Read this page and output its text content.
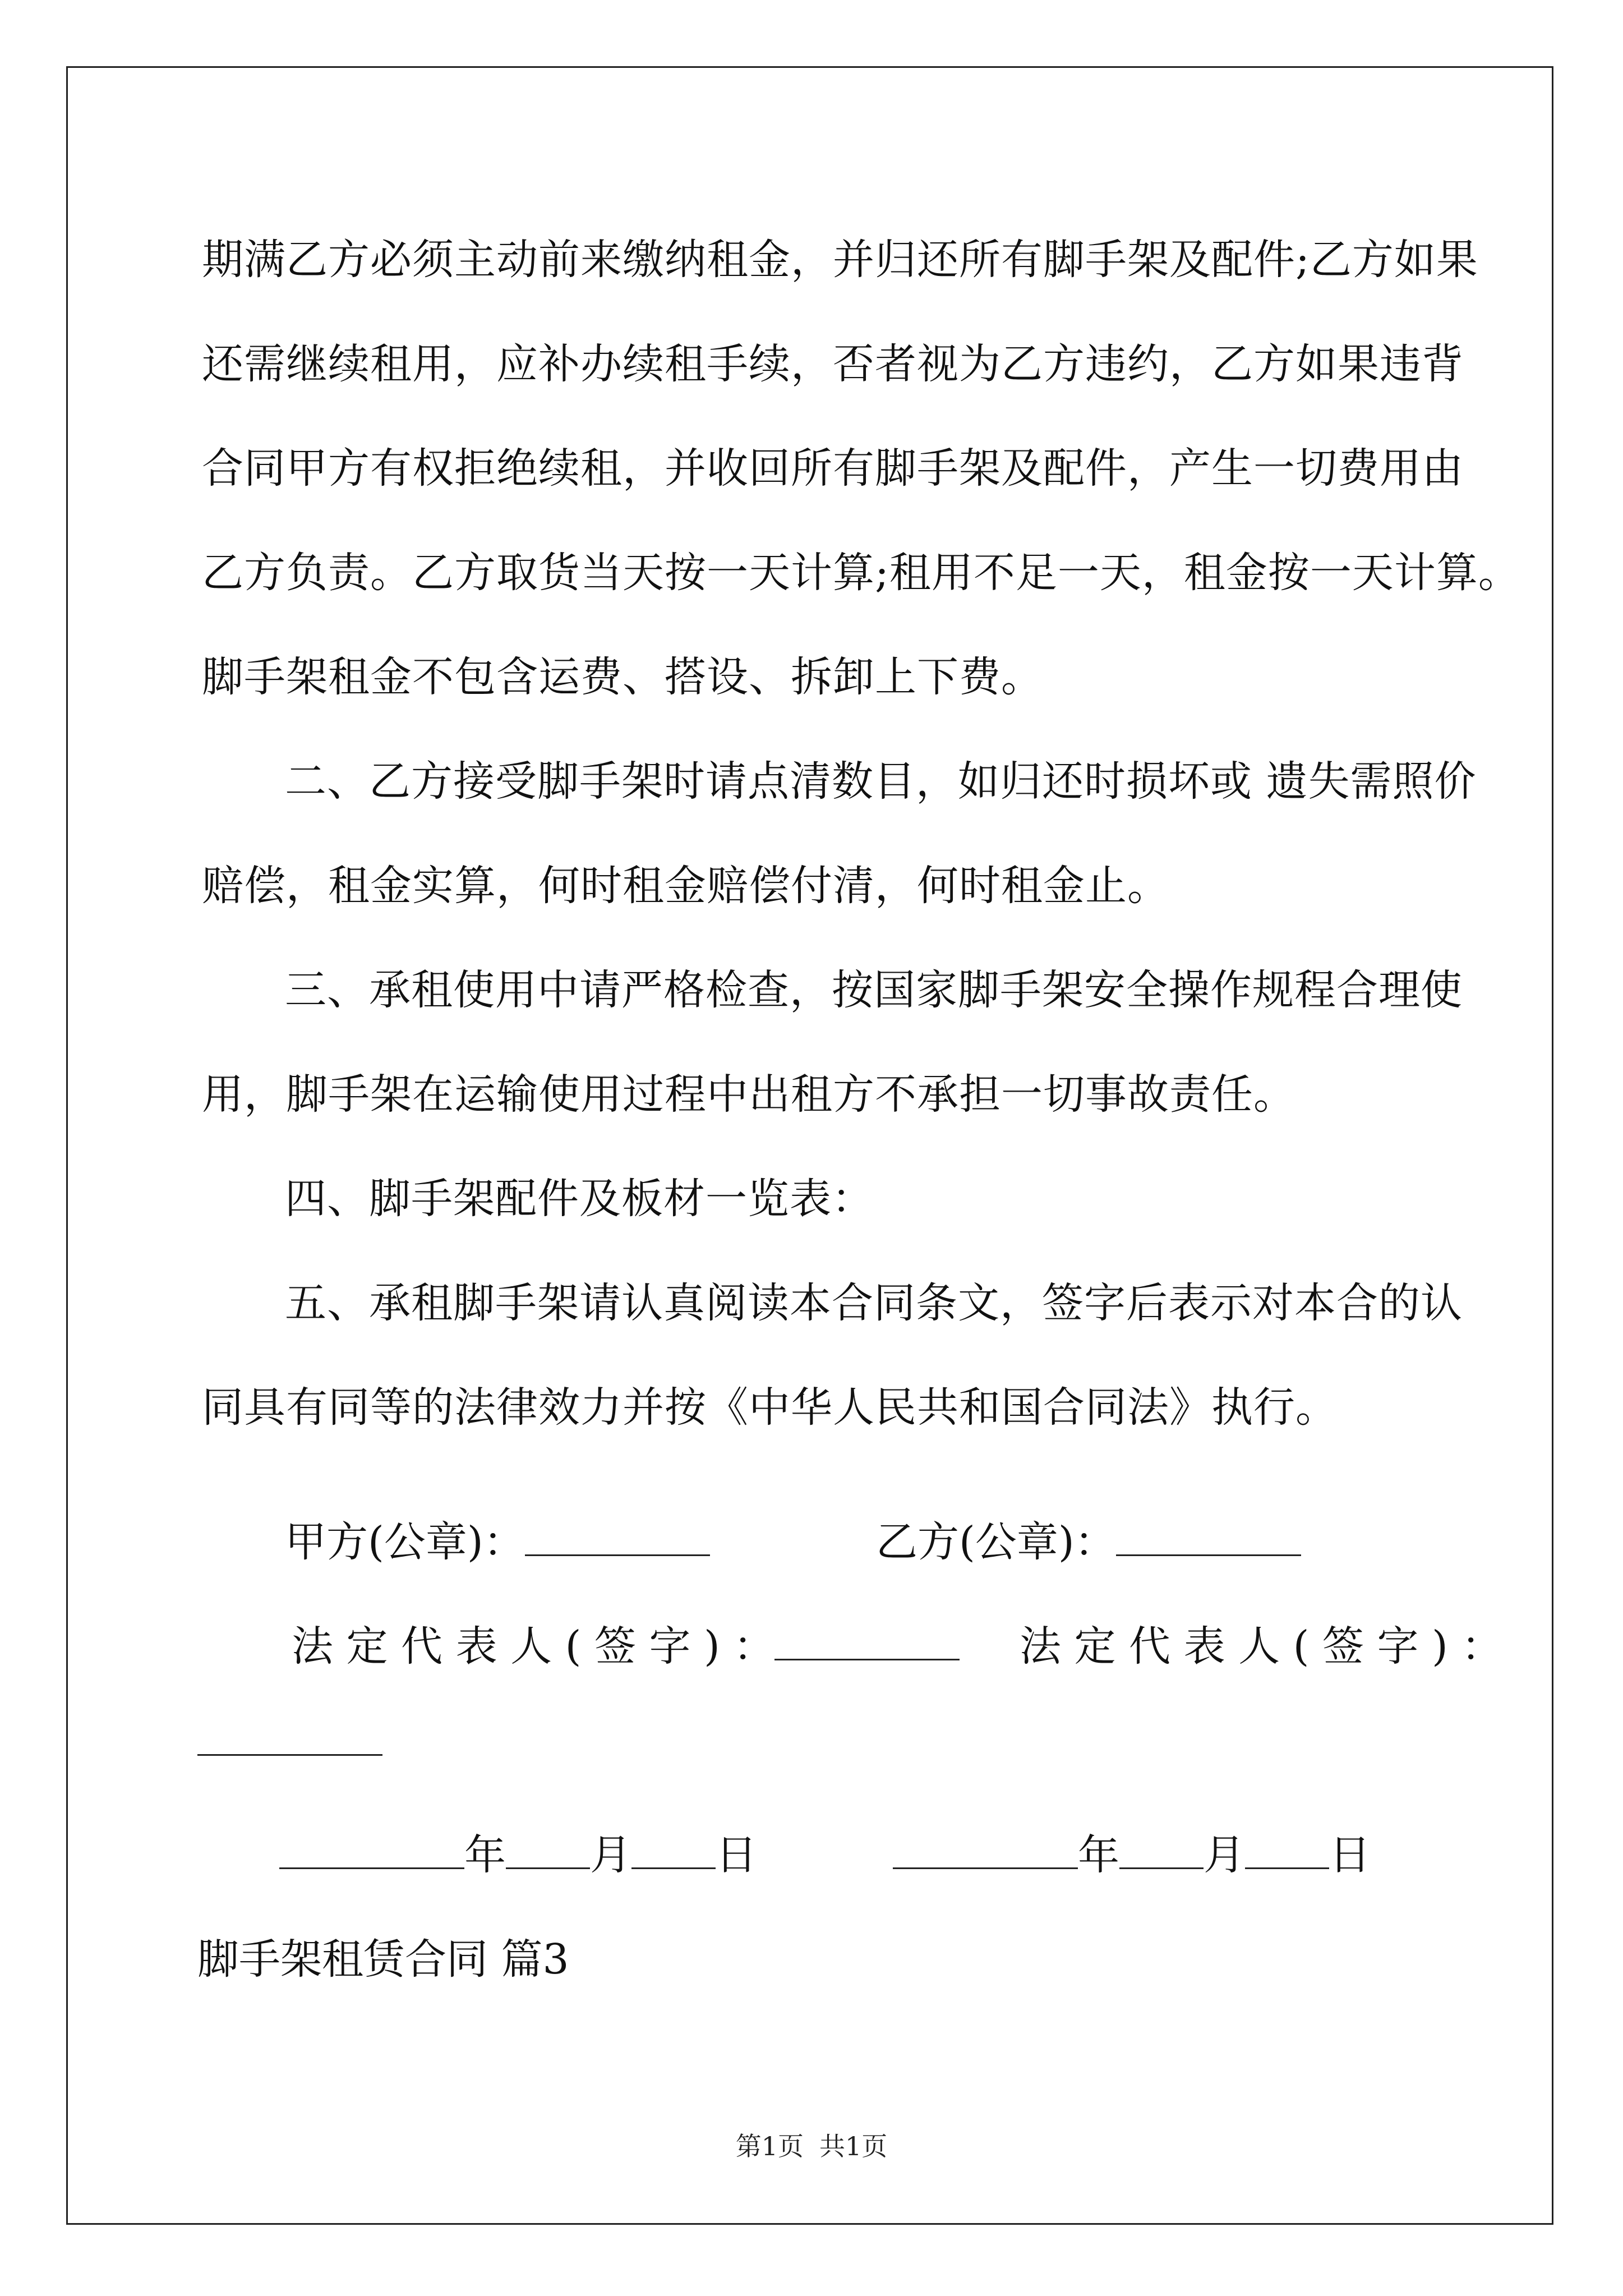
期满乙方必须主动前来缴纳租金，并归还所有脚手架及配件;乙方如果
还需继续租用，应补办续租手续，否者视为乙方违约，乙方如果违背
合同甲方有权拒绝续租，并收回所有脚手架及配件，产生一切费用由
乙方负责。乙方取货当天按一天计算;租用不足一天，租金按一天计算。
脚手架租金不包含运费、搭设、拆卸上下费。

二、乙方接受脚手架时请点清数目，如归还时损坏或 遗失需照价
赔偿，租金实算，何时租金赔偿付清，何时租金止。

三、承租使用中请严格检查，按国家脚手架安全操作规程合理使
用，脚手架在运输使用过程中出租方不承担一切事故责任。

四、脚手架配件及板材一览表：

五、承租脚手架请认真阅读本合同条文，签字后表示对本合的认
同具有同等的法律效力并按《中华人民共和国合同法》执行。

甲方(公章)：	乙方(公章)：
法 定 代 表 人 ( 签 字 ) ：	法 定 代 表 人 ( 签 字 ) ：
年 月 日	年 月 日
脚手架租赁合同 篇3
第1页 共1页
